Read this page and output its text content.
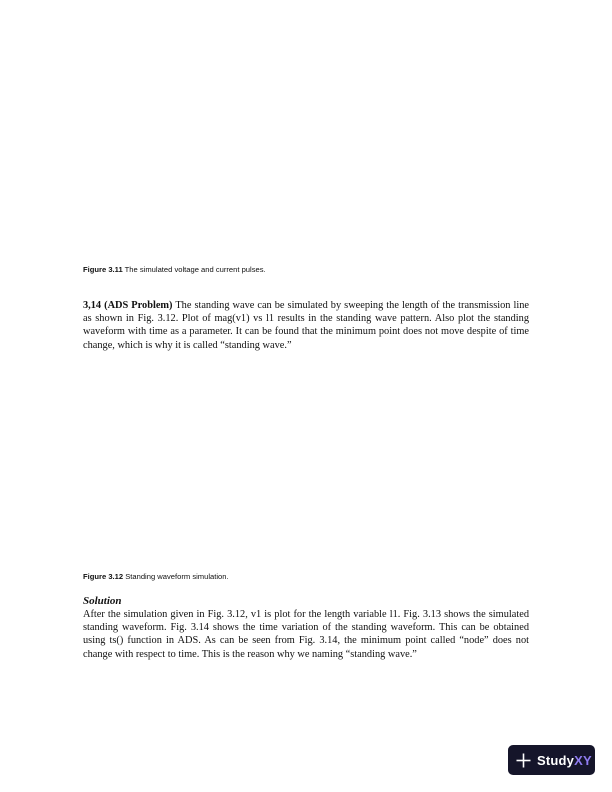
Figure 3.11 The simulated voltage and current pulses.

3,14 (ADS Problem) The standing wave can be simulated by sweeping the length of the transmission line as shown in Fig. 3.12. Plot of mag(v1) vs l1 results in the standing wave pattern. Also plot the standing waveform with time as a parameter. It can be found that the minimum point does not move despite of time change, which is why it is called “standing wave.”

Figure 3.12 Standing waveform simulation.
Solution

After the simulation given in Fig. 3.12, v1 is plot for the length variable l1. Fig. 3.13 shows the simulated standing waveform. Fig. 3.14 shows the time variation of the standing waveform. This can be obtained using ts() function in ADS. As can be seen from Fig. 3.14, the minimum point called “node” does not change with respect to time. This is the reason why we naming “standing wave.”

StudyXY
